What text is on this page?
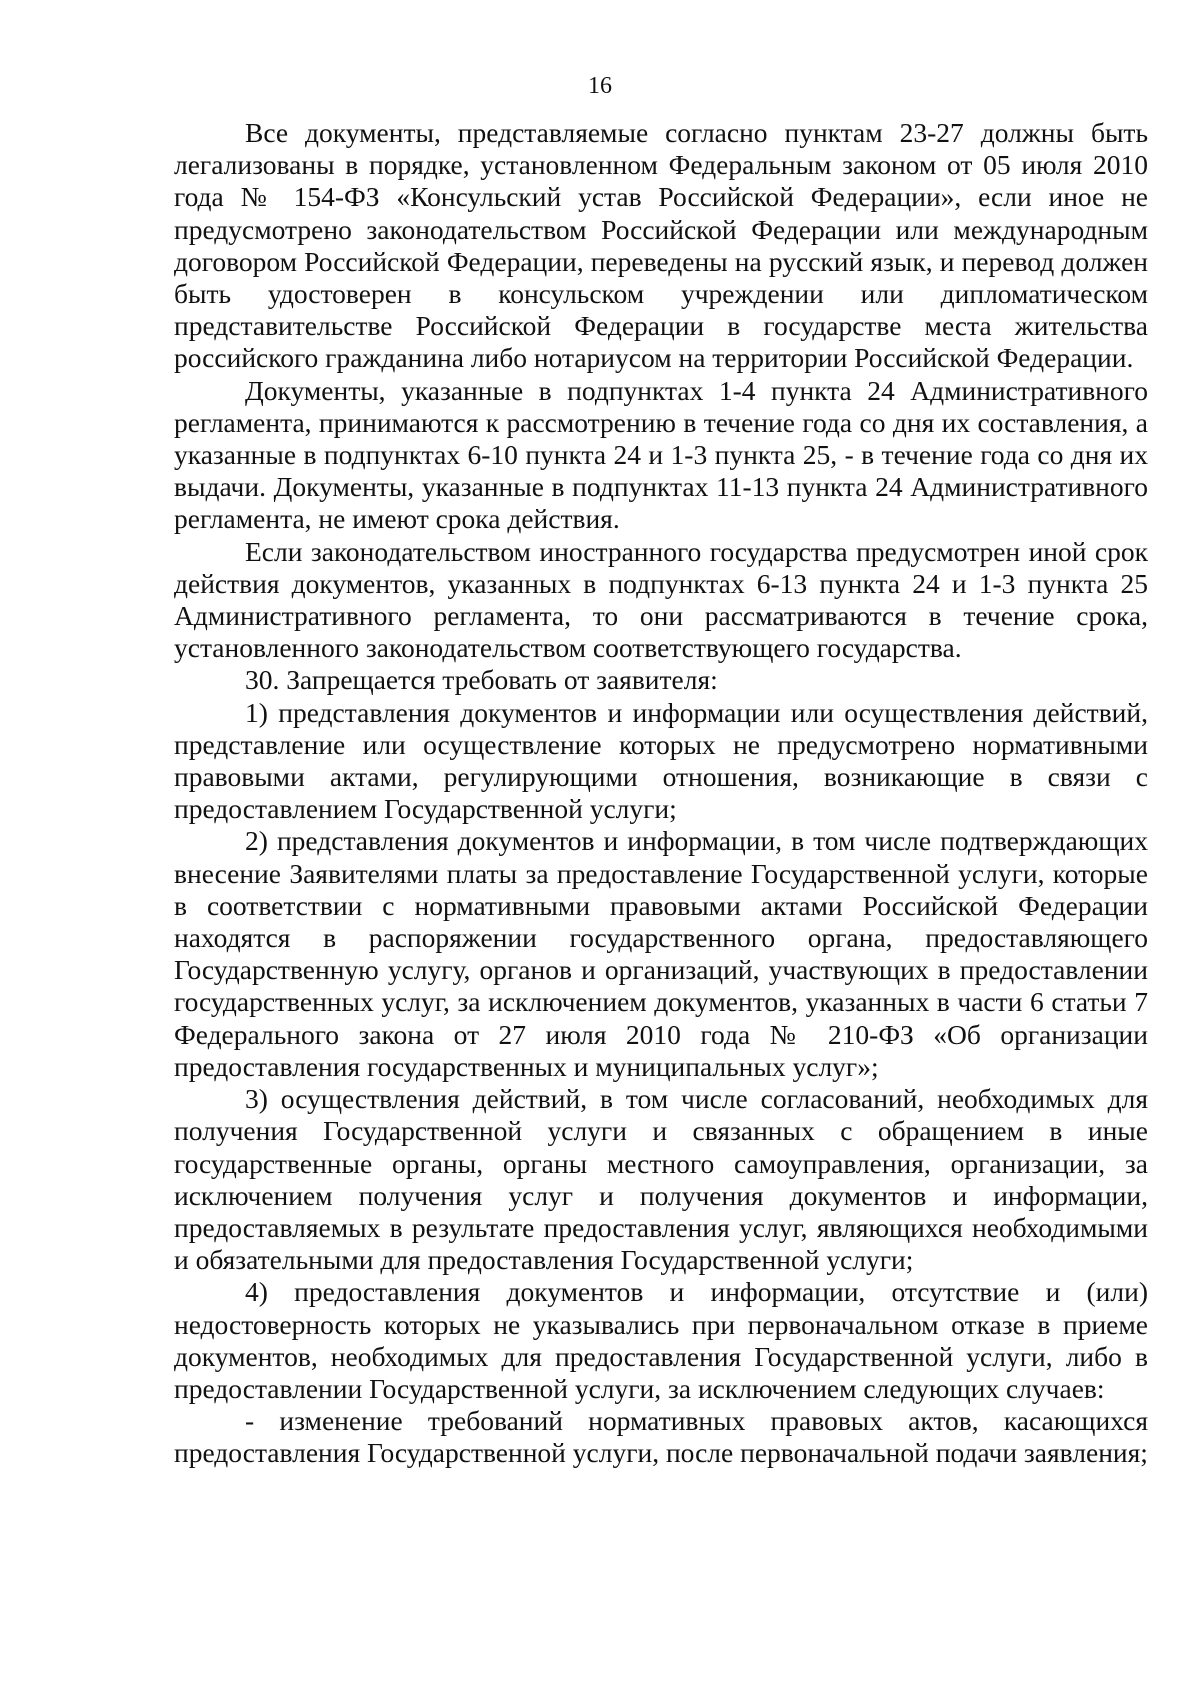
16

Все документы, представляемые согласно пунктам 23-27 должны быть легализованы в порядке, установленном Федеральным законом от 05 июля 2010 года № 154-ФЗ «Консульский устав Российской Федерации», если иное не предусмотрено законодательством Российской Федерации или международным договором Российской Федерации, переведены на русский язык, и перевод должен быть удостоверен в консульском учреждении или дипломатическом представительстве Российской Федерации в государстве места жительства российского гражданина либо нотариусом на территории Российской Федерации.

Документы, указанные в подпунктах 1-4 пункта 24 Административного регламента, принимаются к рассмотрению в течение года со дня их составления, а указанные в подпунктах 6-10 пункта 24 и 1-3 пункта 25, - в течение года со дня их выдачи. Документы, указанные в подпунктах 11-13 пункта 24 Административного регламента, не имеют срока действия.

Если законодательством иностранного государства предусмотрен иной срок действия документов, указанных в подпунктах 6-13 пункта 24 и 1-3 пункта 25 Административного регламента, то они рассматриваются в течение срока, установленного законодательством соответствующего государства.

30. Запрещается требовать от заявителя:

1) представления документов и информации или осуществления действий, представление или осуществление которых не предусмотрено нормативными правовыми актами, регулирующими отношения, возникающие в связи с предоставлением Государственной услуги;

2) представления документов и информации, в том числе подтверждающих внесение Заявителями платы за предоставление Государственной услуги, которые в соответствии с нормативными правовыми актами Российской Федерации находятся в распоряжении государственного органа, предоставляющего Государственную услугу, органов и организаций, участвующих в предоставлении государственных услуг, за исключением документов, указанных в части 6 статьи 7 Федерального закона от 27 июля 2010 года № 210-ФЗ «Об организации предоставления государственных и муниципальных услуг»;

3) осуществления действий, в том числе согласований, необходимых для получения Государственной услуги и связанных с обращением в иные государственные органы, органы местного самоуправления, организации, за исключением получения услуг и получения документов и информации, предоставляемых в результате предоставления услуг, являющихся необходимыми и обязательными для предоставления Государственной услуги;

4) предоставления документов и информации, отсутствие и (или) недостоверность которых не указывались при первоначальном отказе в приеме документов, необходимых для предоставления Государственной услуги, либо в предоставлении Государственной услуги, за исключением следующих случаев:

- изменение требований нормативных правовых актов, касающихся предоставления Государственной услуги, после первоначальной подачи заявления;
